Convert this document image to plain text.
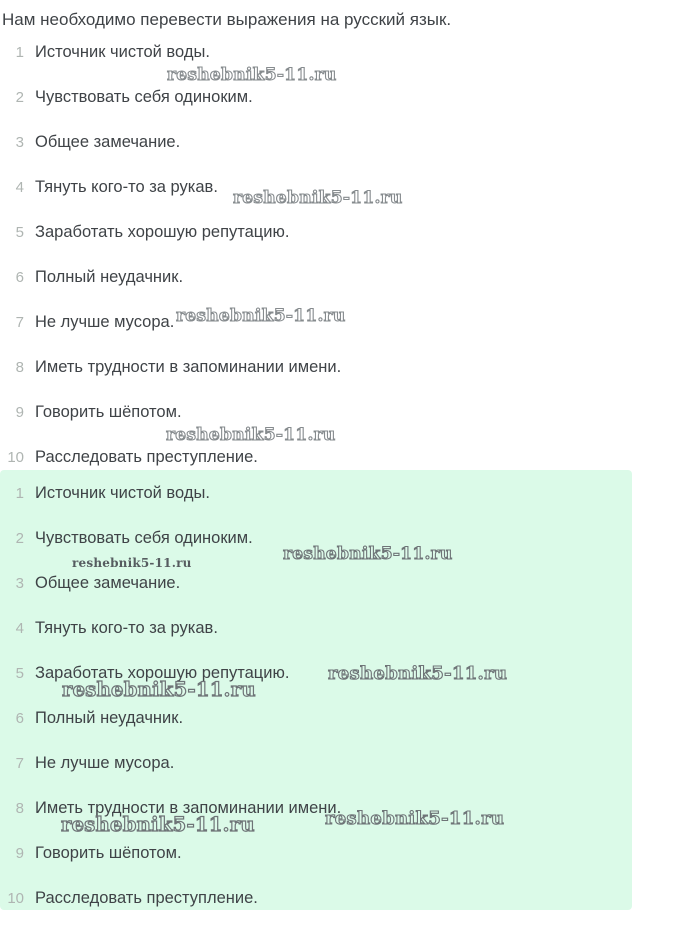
Нам необходимо перевести выражения на русский язык.
1 Источник чистой воды.
2 Чувствовать себя одиноким.
3 Общее замечание.
4 Тянуть кого-то за рукав.
5 Заработать хорошую репутацию.
6 Полный неудачник.
7 Не лучше мусора.
8 Иметь трудности в запоминании имени.
9 Говорить шёпотом.
10 Расследовать преступление.
1 Источник чистой воды.
2 Чувствовать себя одиноким.
3 Общее замечание.
4 Тянуть кого-то за рукав.
5 Заработать хорошую репутацию.
6 Полный неудачник.
7 Не лучше мусора.
8 Иметь трудности в запоминании имени.
9 Говорить шёпотом.
10 Расследовать преступление.
reshebnik5-11.ru
reshebnik5-11.ru
reshebnik5-11.ru
reshebnik5-11.ru
reshebnik5-11.ru
